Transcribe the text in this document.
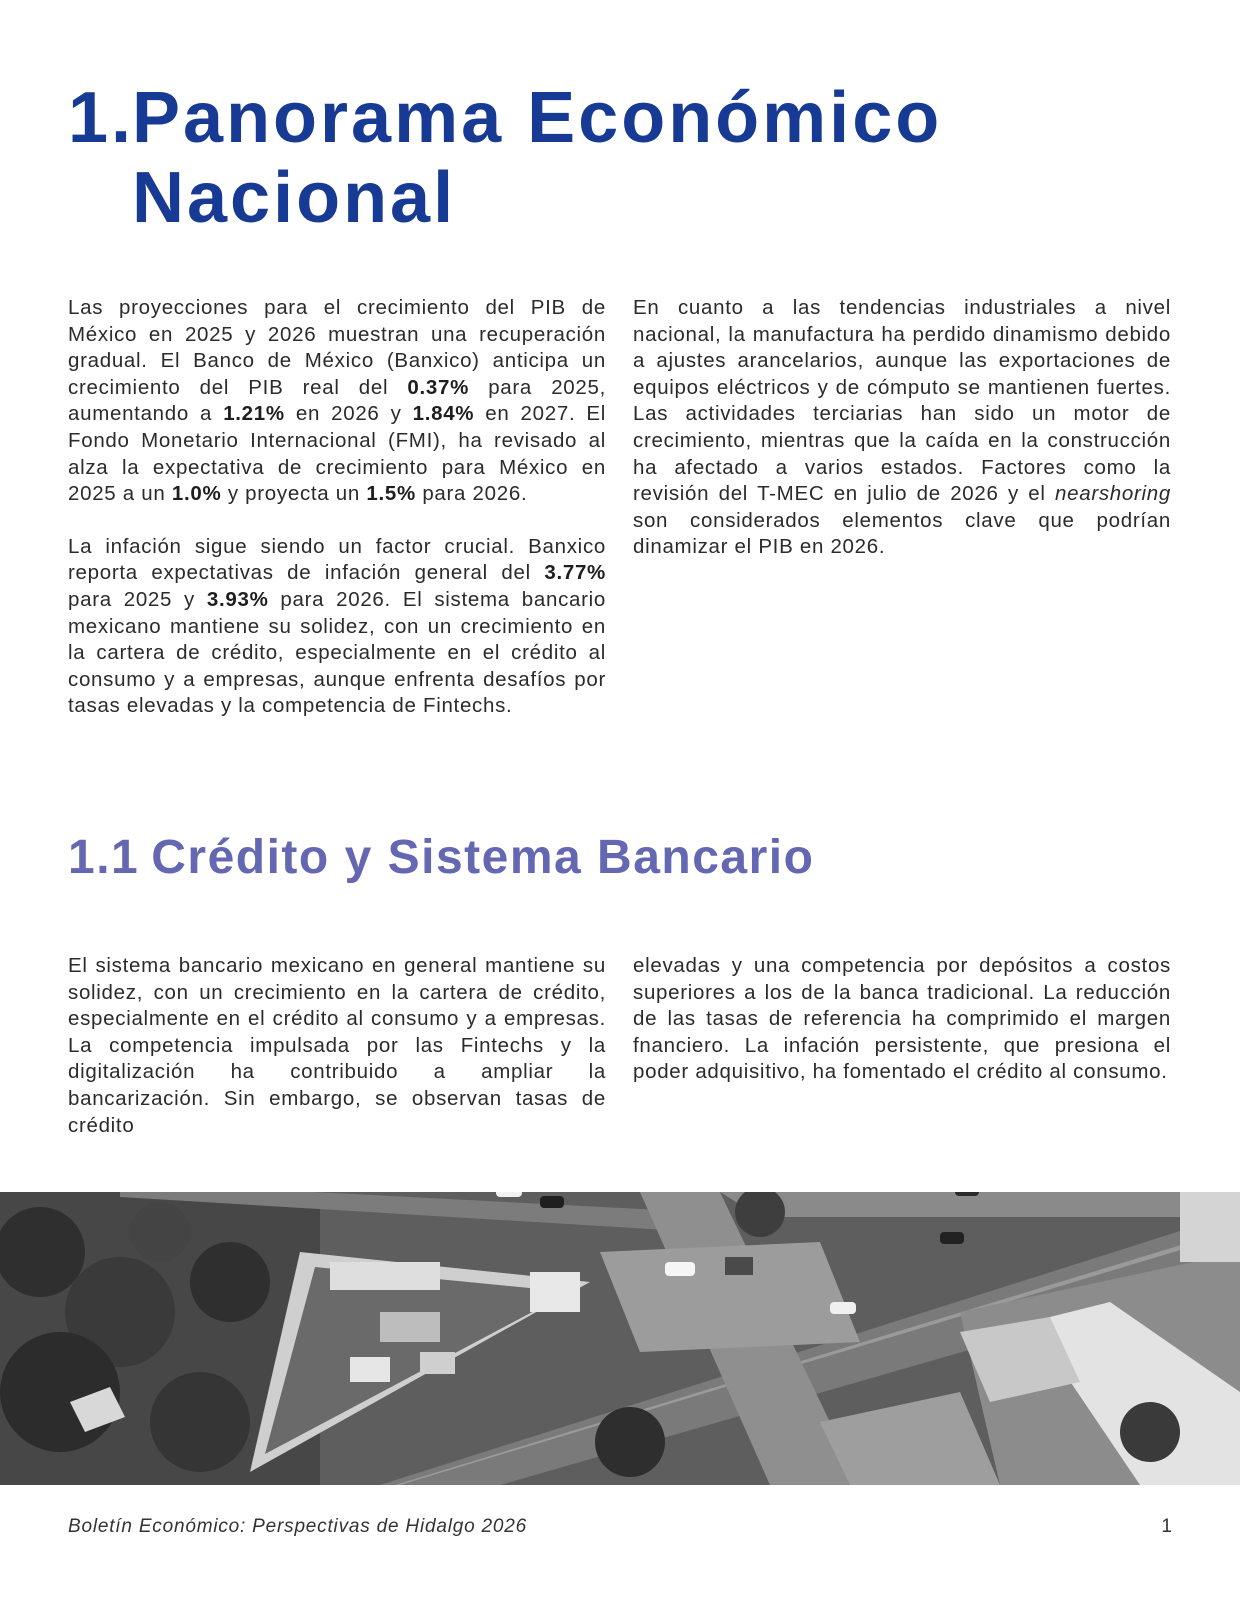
1.Panorama Económico
Nacional

Las proyecciones para el crecimiento del PIB de México en 2025 y 2026 muestran una recuperación gradual. El Banco de México (Banxico) anticipa un crecimiento del PIB real del 0.37% para 2025, aumentando a 1.21% en 2026 y 1.84% en 2027. El Fondo Monetario Internacional (FMI), ha revisado al alza la expectativa de crecimiento para México en 2025 a un 1.0% y proyecta un 1.5% para 2026.

La infación sigue siendo un factor crucial. Banxico reporta expectativas de infación general del 3.77% para 2025 y 3.93% para 2026. El sistema bancario mexicano mantiene su solidez, con un crecimiento en la cartera de crédito, especialmente en el crédito al consumo y a empresas, aunque enfrenta desafíos por tasas elevadas y la competencia de Fintechs.

En cuanto a las tendencias industriales a nivel nacional, la manufactura ha perdido dinamismo debido a ajustes arancelarios, aunque las exportaciones de equipos eléctricos y de cómputo se mantienen fuertes. Las actividades terciarias han sido un motor de crecimiento, mientras que la caída en la construcción ha afectado a varios estados. Factores como la revisión del T-MEC en julio de 2026 y el nearshoring son considerados elementos clave que podrían dinamizar el PIB en 2026.

1.1 Crédito y Sistema Bancario

El sistema bancario mexicano en general mantiene su solidez, con un crecimiento en la cartera de crédito, especialmente en el crédito al consumo y a empresas. La competencia impulsada por las Fintechs y la digitalización ha contribuido a ampliar la bancarización. Sin embargo, se observan tasas de crédito

elevadas y una competencia por depósitos a costos superiores a los de la banca tradicional. La reducción de las tasas de referencia ha comprimido el margen fnanciero. La infación persistente, que presiona el poder adquisitivo, ha fomentado el crédito al consumo.

Boletín Económico: Perspectivas de Hidalgo 2026	1
